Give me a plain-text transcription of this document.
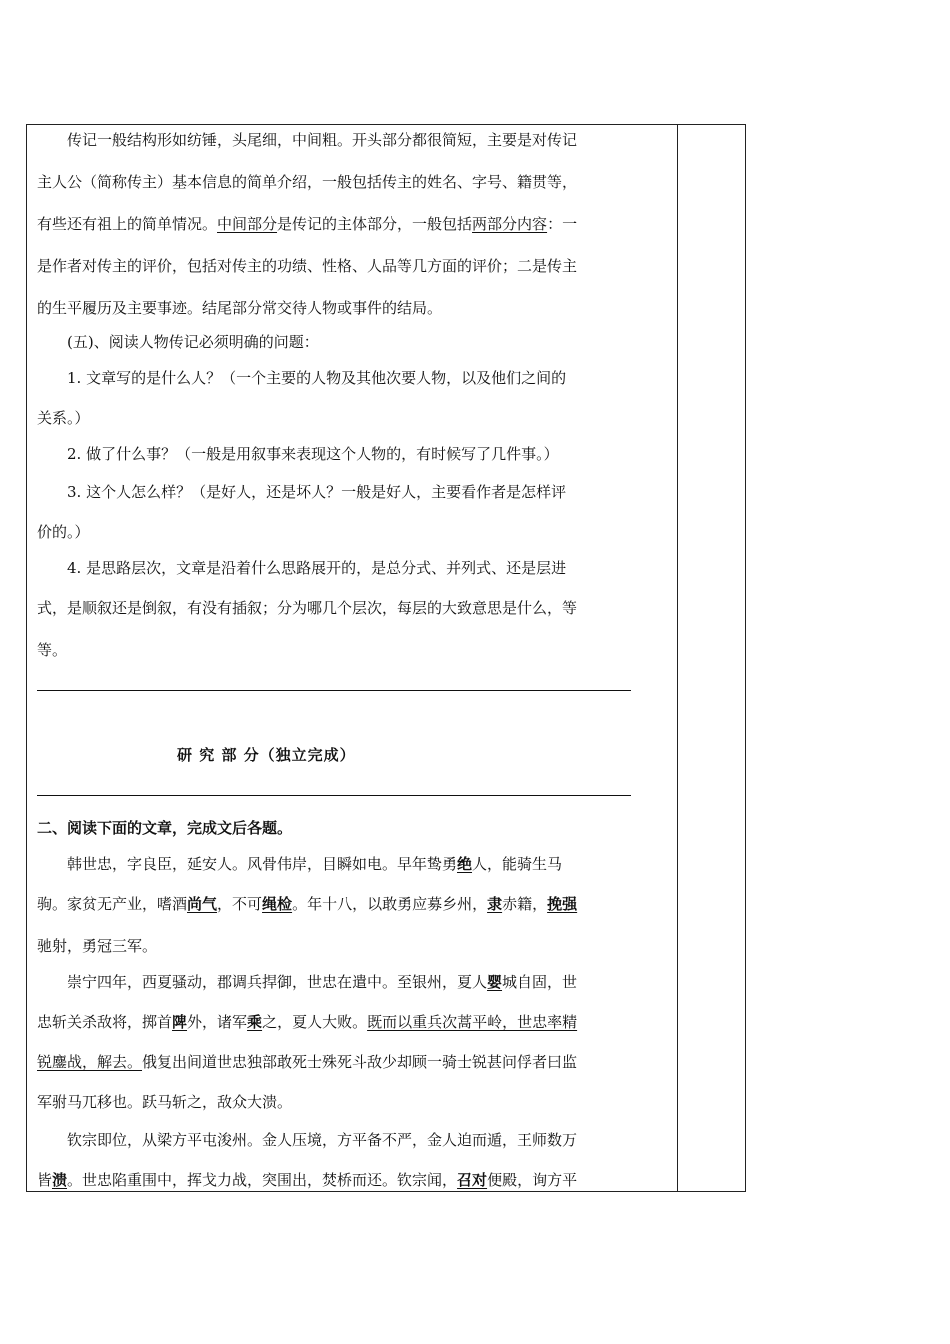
传记一般结构形如纺锤，头尾细，中间粗。开头部分都很简短，主要是对传记
主人公（简称传主）基本信息的简单介绍，一般包括传主的姓名、字号、籍贯等，
有些还有祖上的简单情况。中间部分是传记的主体部分，一般包括两部分内容：一
是作者对传主的评价，包括对传主的功绩、性格、人品等几方面的评价；二是传主
的生平履历及主要事迹。结尾部分常交待人物或事件的结局。
(五)、阅读人物传记必须明确的问题：
1. 文章写的是什么人？（一个主要的人物及其他次要人物，以及他们之间的
关系。）
2. 做了什么事？（一般是用叙事来表现这个人物的，有时候写了几件事。）
3. 这个人怎么样？（是好人，还是坏人？一般是好人，主要看作者是怎样评
价的。）
4. 是思路层次，文章是沿着什么思路展开的，是总分式、并列式、还是层进
式，是顺叙还是倒叙，有没有插叙；分为哪几个层次，每层的大致意思是什么，等
等。
研 究 部 分（独立完成）
二、阅读下面的文章，完成文后各题。
韩世忠，字良臣，延安人。风骨伟岸，目瞬如电。早年鸷勇绝人，能骑生马
驹。家贫无产业，嗜酒尚气，不可绳检。年十八，以敢勇应募乡州，隶赤籍，挽强
驰射，勇冠三军。
崇宁四年，西夏骚动，郡调兵捍御，世忠在遣中。至银州，夏人婴城自固，世
忠斩关杀敌将，掷首陴外，诸军乘之，夏人大败。既而以重兵次蒿平岭，世忠率精
锐鏖战，解去。俄复出间道世忠独部敢死士殊死斗敌少却顾一骑士锐甚问俘者曰监
军驸马兀移也。跃马斩之，敌众大溃。
钦宗即位，从梁方平屯浚州。金人压境，方平备不严，金人迫而遁，王师数万
皆溃。世忠陷重围中，挥戈力战，突围出，焚桥而还。钦宗闻，召对便殿，询方平
